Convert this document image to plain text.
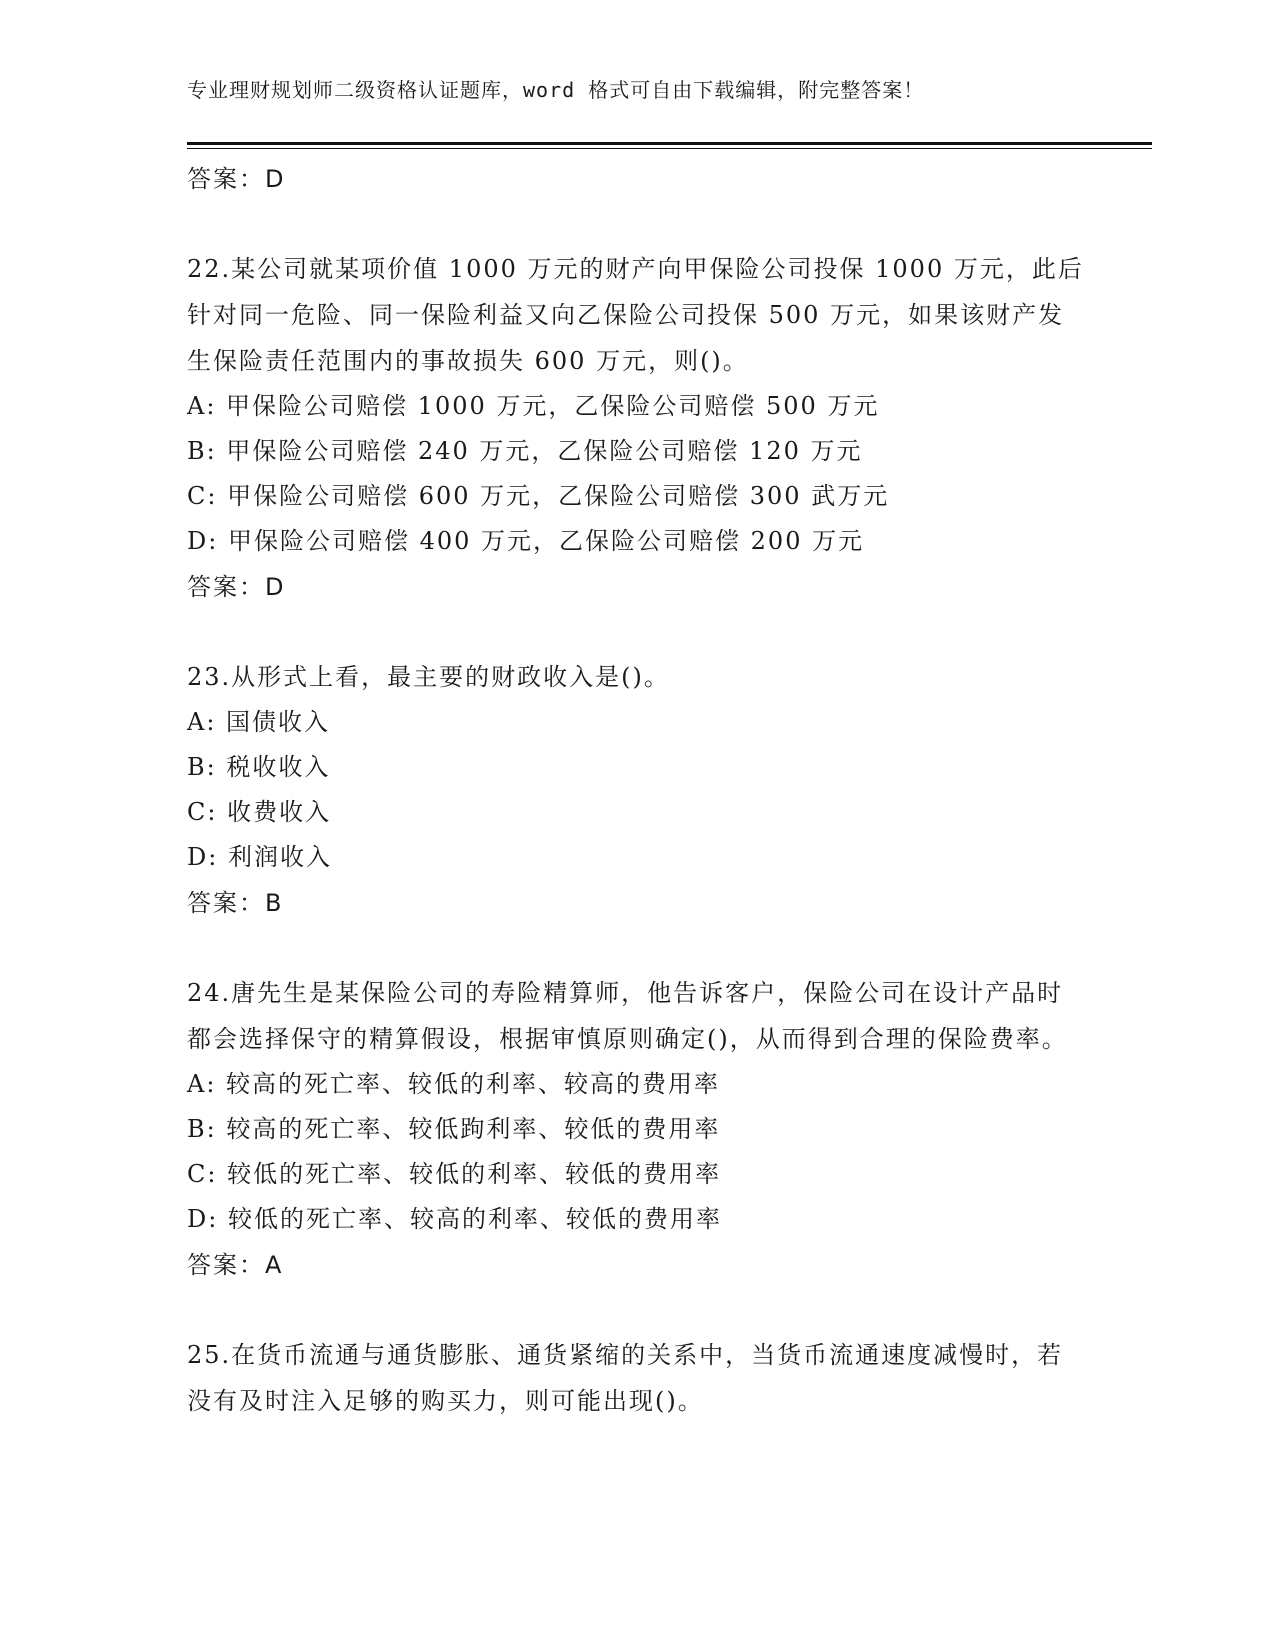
专业理财规划师二级资格认证题库，word 格式可自由下载编辑，附完整答案！
答案：D
22.某公司就某项价值 1000 万元的财产向甲保险公司投保 1000 万元，此后针对同一危险、同一保险利益又向乙保险公司投保 500 万元，如果该财产发生保险责任范围内的事故损失 600 万元，则()。
A: 甲保险公司赔偿 1000 万元，乙保险公司赔偿 500 万元
B: 甲保险公司赔偿 240 万元，乙保险公司赔偿 120 万元
C: 甲保险公司赔偿 600 万元，乙保险公司赔偿 300 武万元
D: 甲保险公司赔偿 400 万元，乙保险公司赔偿 200 万元
答案：D
23.从形式上看，最主要的财政收入是()。
A: 国债收入
B: 税收收入
C: 收费收入
D: 利润收入
答案：B
24.唐先生是某保险公司的寿险精算师，他告诉客户，保险公司在设计产品时都会选择保守的精算假设，根据审慎原则确定()，从而得到合理的保险费率。
A: 较高的死亡率、较低的利率、较高的费用率
B: 较高的死亡率、较低跔利率、较低的费用率
C: 较低的死亡率、较低的利率、较低的费用率
D: 较低的死亡率、较高的利率、较低的费用率
答案：A
25.在货币流通与通货膨胀、通货紧缩的关系中，当货币流通速度减慢时，若没有及时注入足够的购买力，则可能出现()。
